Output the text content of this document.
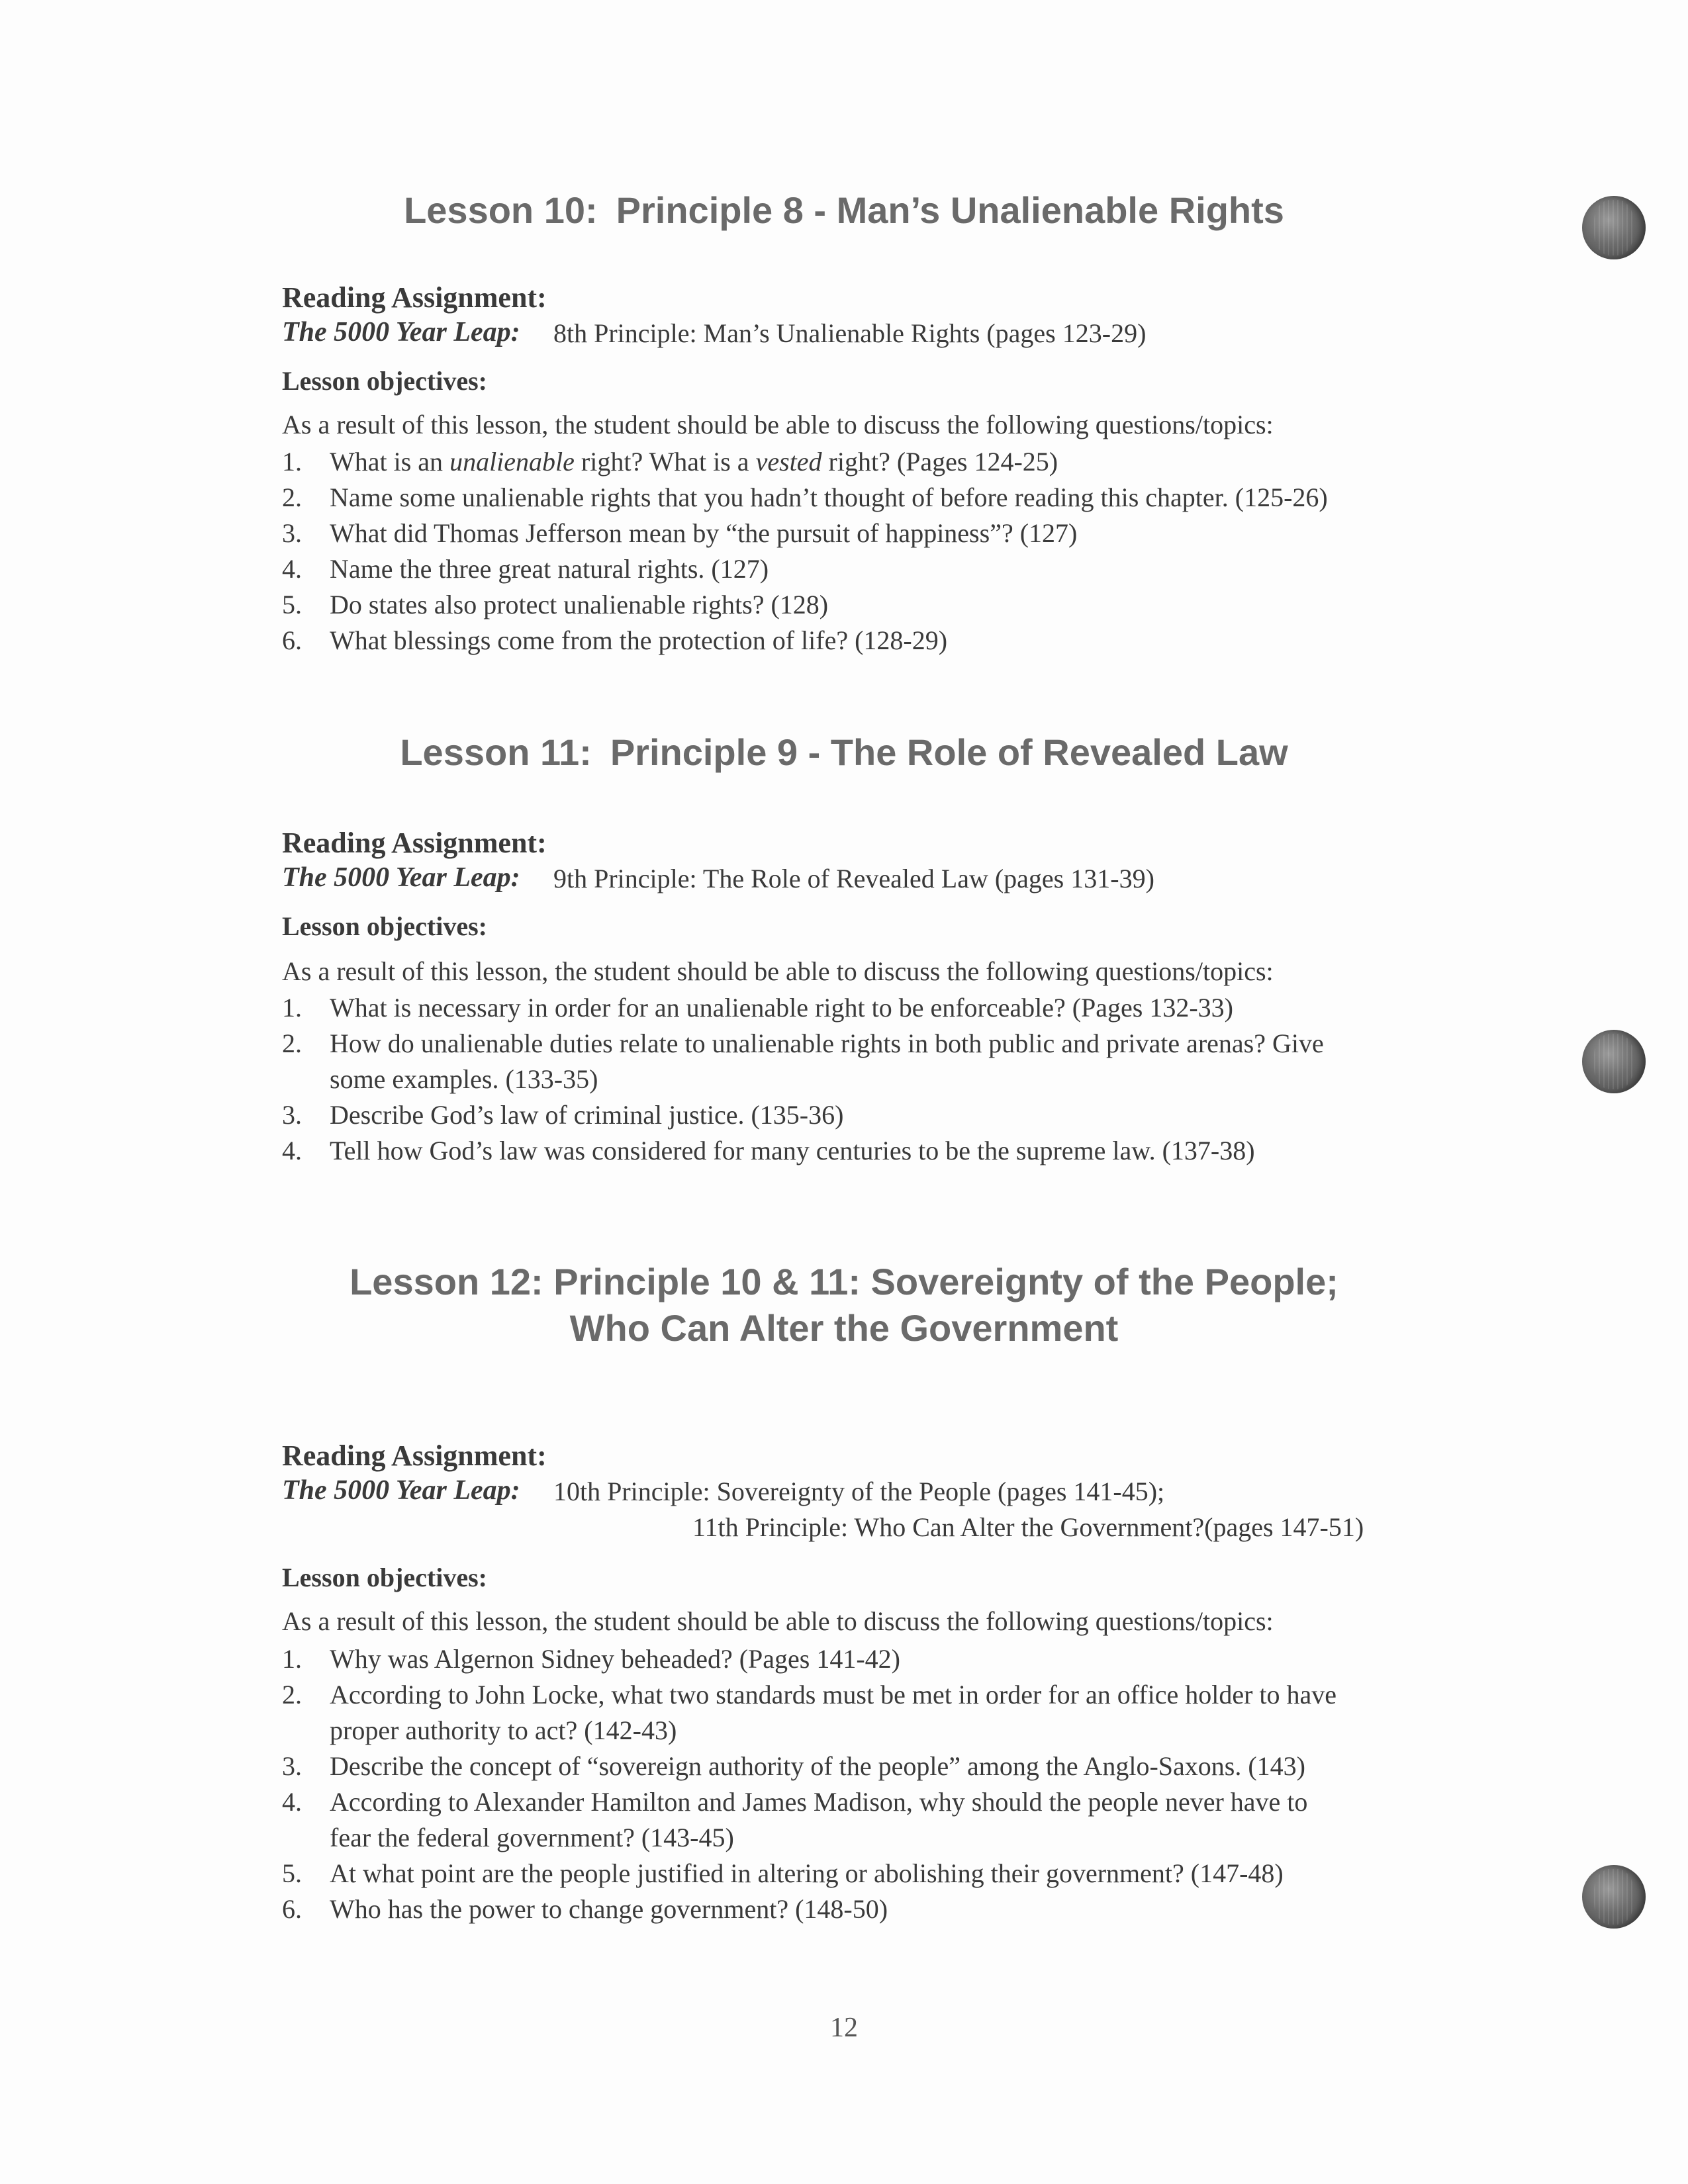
Lesson 10: Principle 8 - Man’s Unalienable Rights
Reading Assignment:
The 5000 Year Leap: 8th Principle: Man’s Unalienable Rights (pages 123-29)
Lesson objectives:
As a result of this lesson, the student should be able to discuss the following questions/topics:
1. What is an unalienable right? What is a vested right? (Pages 124-25)
2. Name some unalienable rights that you hadn’t thought of before reading this chapter. (125-26)
3. What did Thomas Jefferson mean by “the pursuit of happiness”? (127)
4. Name the three great natural rights. (127)
5. Do states also protect unalienable rights? (128)
6. What blessings come from the protection of life? (128-29)
Lesson 11: Principle 9 - The Role of Revealed Law
Reading Assignment:
The 5000 Year Leap: 9th Principle: The Role of Revealed Law (pages 131-39)
Lesson objectives:
As a result of this lesson, the student should be able to discuss the following questions/topics:
1. What is necessary in order for an unalienable right to be enforceable? (Pages 132-33)
2. How do unalienable duties relate to unalienable rights in both public and private arenas? Give
some examples. (133-35)
3. Describe God’s law of criminal justice. (135-36)
4. Tell how God’s law was considered for many centuries to be the supreme law. (137-38)
Lesson 12: Principle 10 & 11: Sovereignty of the People;
Who Can Alter the Government
Reading Assignment:
The 5000 Year Leap: 10th Principle: Sovereignty of the People (pages 141-45);
11th Principle: Who Can Alter the Government?(pages 147-51)
Lesson objectives:
As a result of this lesson, the student should be able to discuss the following questions/topics:
1. Why was Algernon Sidney beheaded? (Pages 141-42)
2. According to John Locke, what two standards must be met in order for an office holder to have
proper authority to act? (142-43)
3. Describe the concept of “sovereign authority of the people” among the Anglo-Saxons. (143)
4. According to Alexander Hamilton and James Madison, why should the people never have to
fear the federal government? (143-45)
5. At what point are the people justified in altering or abolishing their government? (147-48)
6. Who has the power to change government? (148-50)
12
